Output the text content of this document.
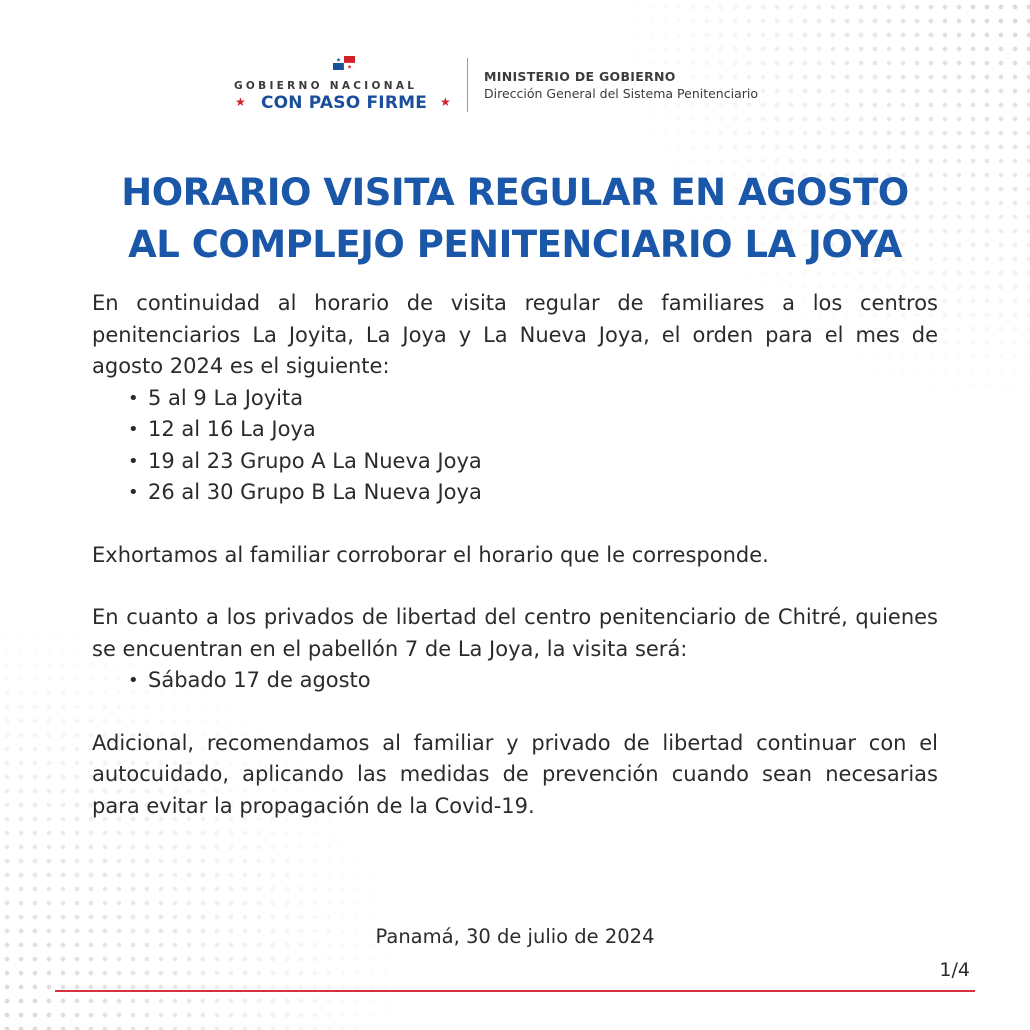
GOBIERNO NACIONAL
★ CON PASO FIRME	★
MINISTERIO DE GOBIERNO
Dirección General del Sistema Penitenciario
HORARIO VISITA REGULAR EN AGOSTO
AL COMPLEJO PENITENCIARIO LA JOYA

En continuidad al horario de visita regular de familiares a los centros penitenciarios La Joyita, La Joya y La Nueva Joya, el orden para el mes de agosto 2024 es el siguiente:

• 5 al 9 La Joyita
• 12 al 16 La Joya
• 19 al 23 Grupo A La Nueva Joya
• 26 al 30 Grupo B La Nueva Joya

Exhortamos al familiar corroborar el horario que le corresponde.

En cuanto a los privados de libertad del centro penitenciario de Chitré, quienes se encuentran en el pabellón 7 de La Joya, la visita será:

• Sábado 17 de agosto

Adicional, recomendamos al familiar y privado de libertad continuar con el autocuidado, aplicando las medidas de prevención cuando sean necesarias para evitar la propagación de la Covid-19.

Panamá, 30 de julio de 2024
1/4
